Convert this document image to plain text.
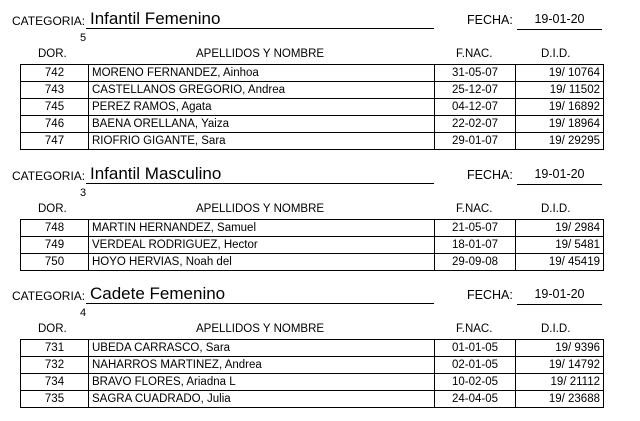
CATEGORIA: Infantil Femenino	FECHA:	19-01-20
5
DOR.	APELLIDOS Y NOMBRE	F.NAC.	D.I.D.
742	MORENO FERNANDEZ, Ainhoa	31-05-07	19/ 10764
743	CASTELLANOS GREGORIO, Andrea	25-12-07	19/ 11502
745	PEREZ RAMOS, Agata	04-12-07	19/ 16892
746	BAENA ORELLANA, Yaiza	22-02-07	19/ 18964
747	RIOFRIO GIGANTE, Sara	29-01-07	19/ 29295
CATEGORIA: Infantil Masculino	FECHA:	19-01-20
3
DOR.	APELLIDOS Y NOMBRE	F.NAC.	D.I.D.
748	MARTIN HERNANDEZ, Samuel	21-05-07	19/ 2984
749	VERDEAL RODRIGUEZ, Hector	18-01-07	19/ 5481
750	HOYO HERVIAS, Noah del	29-09-08	19/ 45419
CATEGORIA: Cadete Femenino	FECHA:	19-01-20
4
DOR.	APELLIDOS Y NOMBRE	F.NAC.	D.I.D.
731	UBEDA CARRASCO, Sara	01-01-05	19/ 9396
732	NAHARROS MARTINEZ, Andrea	02-01-05	19/ 14792
734	BRAVO FLORES, Ariadna L	10-02-05	19/ 21112
735	SAGRA CUADRADO, Julia	24-04-05	19/ 23688
